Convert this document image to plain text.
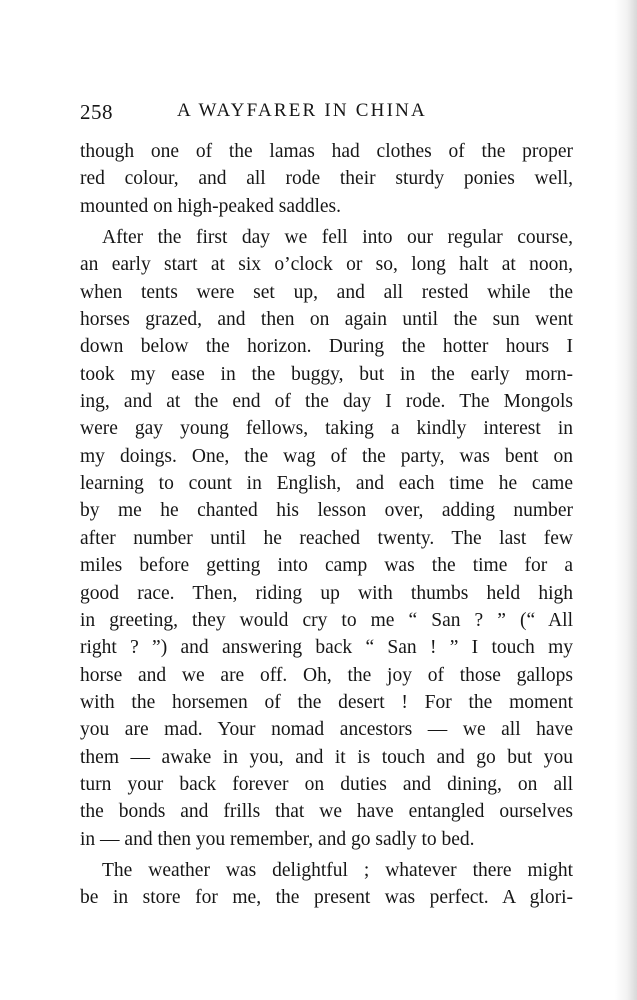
258	A WAYFARER IN CHINA
though one of the lamas had clothes of the proper
red colour, and all rode their sturdy ponies well,
mounted on high-peaked saddles.
After the first day we fell into our regular course,
an early start at six o’clock or so, long halt at noon,
when tents were set up, and all rested while the
horses grazed, and then on again until the sun went
down below the horizon. During the hotter hours I
took my ease in the buggy, but in the early morn-
ing, and at the end of the day I rode. The Mongols
were gay young fellows, taking a kindly interest in
my doings. One, the wag of the party, was bent on
learning to count in English, and each time he came
by me he chanted his lesson over, adding number
after number until he reached twenty. The last few
miles before getting into camp was the time for a
good race. Then, riding up with thumbs held high
in greeting, they would cry to me “ San ? ” (“ All
right ? ”) and answering back “ San ! ” I touch my
horse and we are off. Oh, the joy of those gallops
with the horsemen of the desert ! For the moment
you are mad. Your nomad ancestors — we all have
them — awake in you, and it is touch and go but you
turn your back forever on duties and dining, on all
the bonds and frills that we have entangled ourselves
in — and then you remember, and go sadly to bed.
The weather was delightful ; whatever there might
be in store for me, the present was perfect. A glori-
